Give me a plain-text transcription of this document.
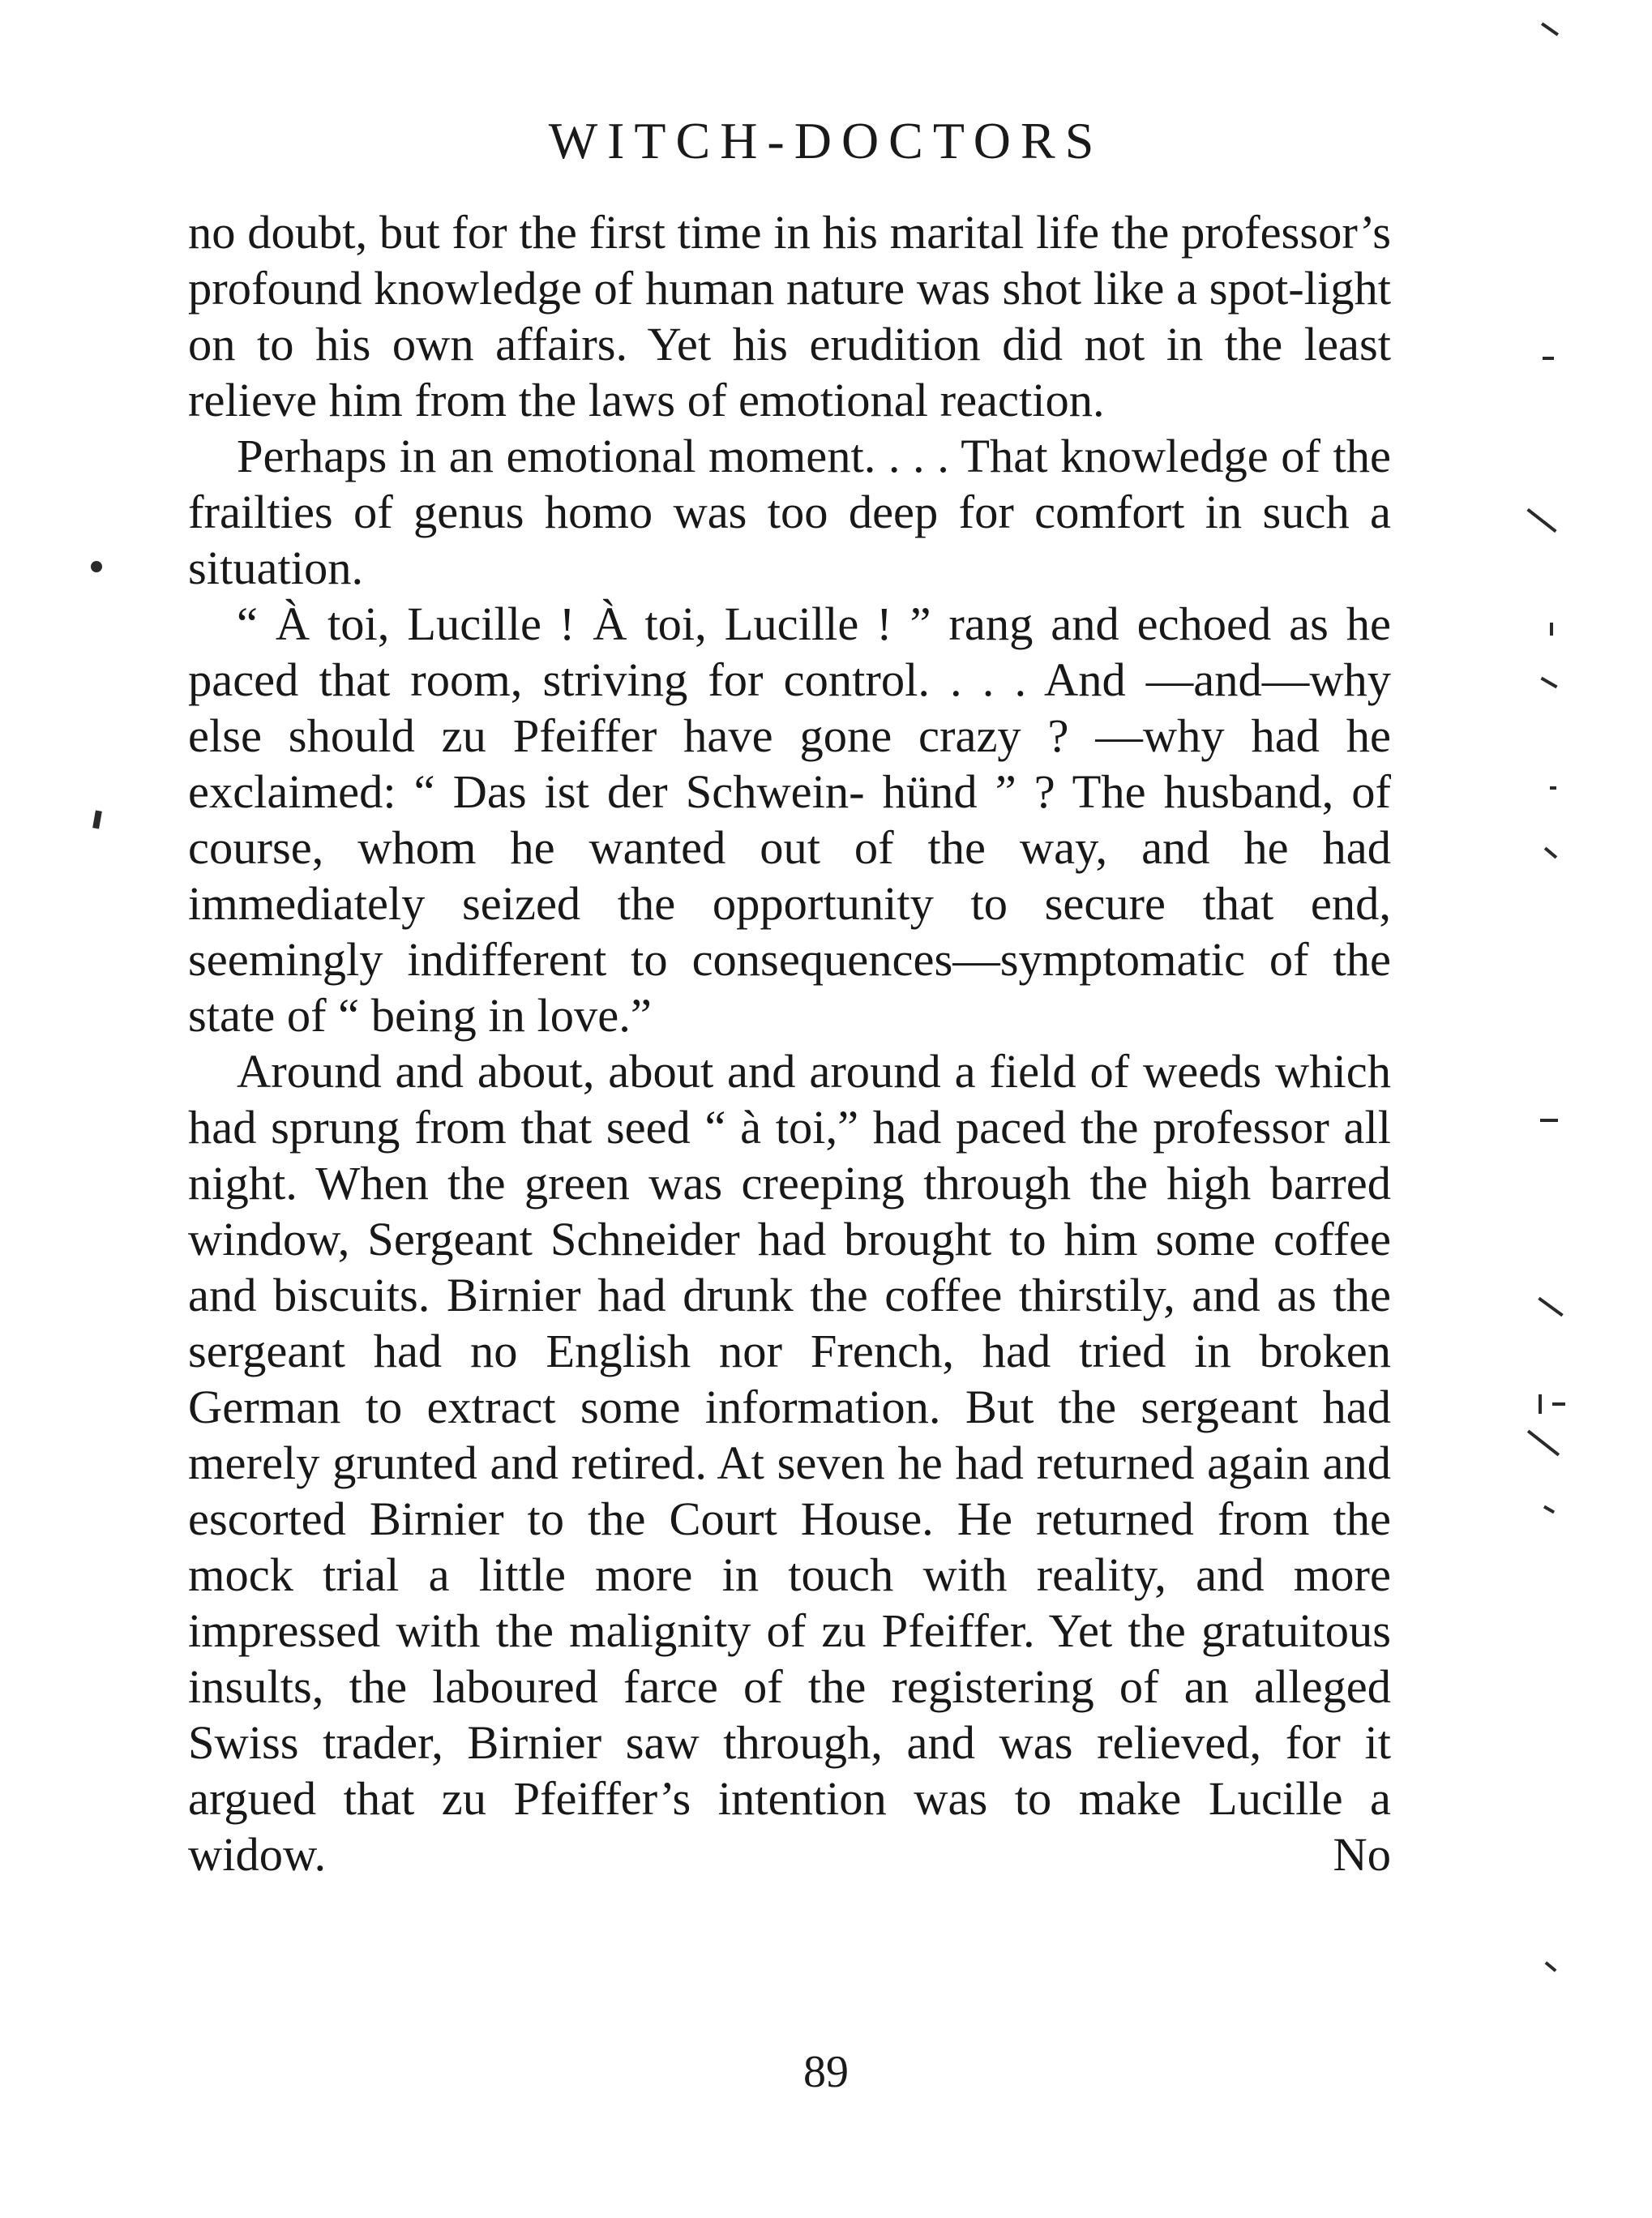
WITCH-DOCTORS

no doubt, but for the first time in his marital life the professor’s profound knowledge of human nature was shot like a spot-light on to his own affairs. Yet his erudition did not in the least relieve him from the laws of emotional reaction.

Perhaps in an emotional moment. . . . That knowledge of the frailties of genus homo was too deep for comfort in such a situation.

“ À toi, Lucille ! À toi, Lucille ! ” rang and echoed as he paced that room, striving for control. . . . And —and—why else should zu Pfeiffer have gone crazy ? —why had he exclaimed: “ Das ist der Schwein- hünd ” ? The husband, of course, whom he wanted out of the way, and he had immediately seized the opportunity to secure that end, seemingly indifferent to consequences—symptomatic of the state of “ being in love.”

Around and about, about and around a field of weeds which had sprung from that seed “ à toi,” had paced the professor all night. When the green was creeping through the high barred window, Sergeant Schneider had brought to him some coffee and biscuits. Birnier had drunk the coffee thirstily, and as the sergeant had no English nor French, had tried in broken German to extract some information. But the sergeant had merely grunted and retired. At seven he had returned again and escorted Birnier to the Court House. He returned from the mock trial a little more in touch with reality, and more impressed with the malignity of zu Pfeiffer. Yet the gratuitous insults, the laboured farce of the registering of an alleged Swiss trader, Birnier saw through, and was relieved, for it argued that zu Pfeiffer’s intention was to make Lucille a widow. No

89
